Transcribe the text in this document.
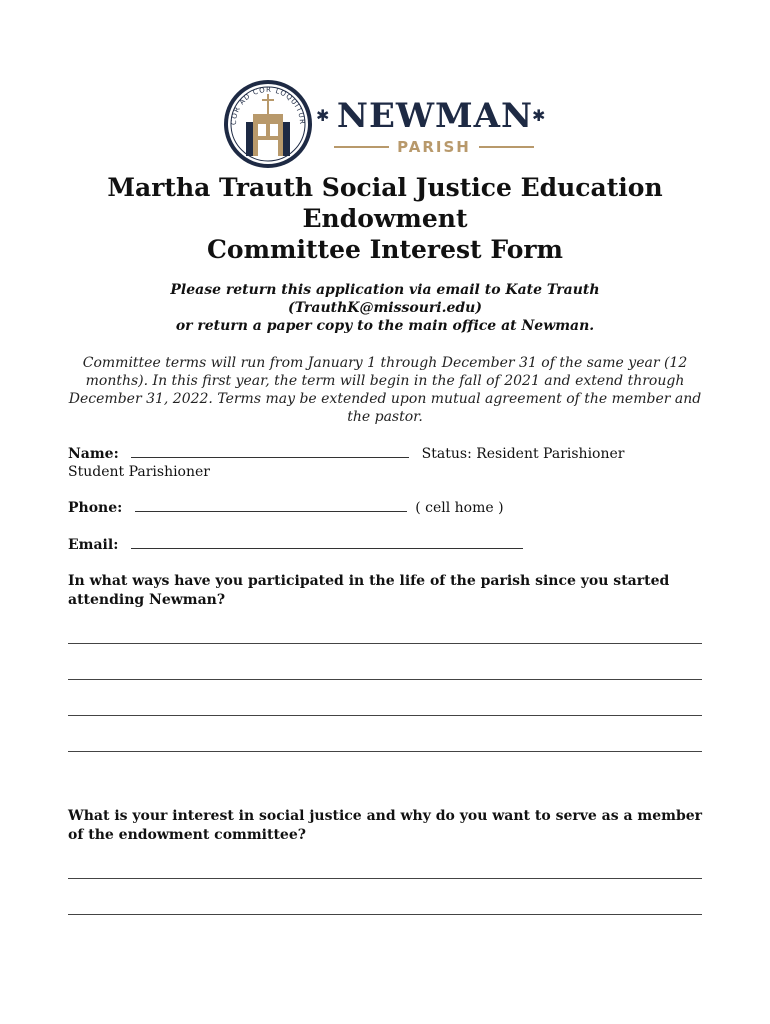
COR AD COR LOQUITUR ✱ NEWMAN
✱
PARISH
Martha Trauth Social Justice Education
Endowment
Committee Interest Form
Please return this application via email to Kate Trauth
(TrauthK@missouri.edu)
or return a paper copy to the main office at Newman.
Committee terms will run from January 1 through December 31 of the same year (12 months). In this first year, the term will begin in the fall of 2021 and extend through December 31, 2022. Terms may be extended upon mutual agreement of the member and the pastor.
Name:	Status: Resident Parishioner
Student Parishioner
Phone:	( cell home )
Email:
In what ways have you participated in the life of the parish since you started attending Newman?
What is your interest in social justice and why do you want to serve as a member of the endowment committee?
